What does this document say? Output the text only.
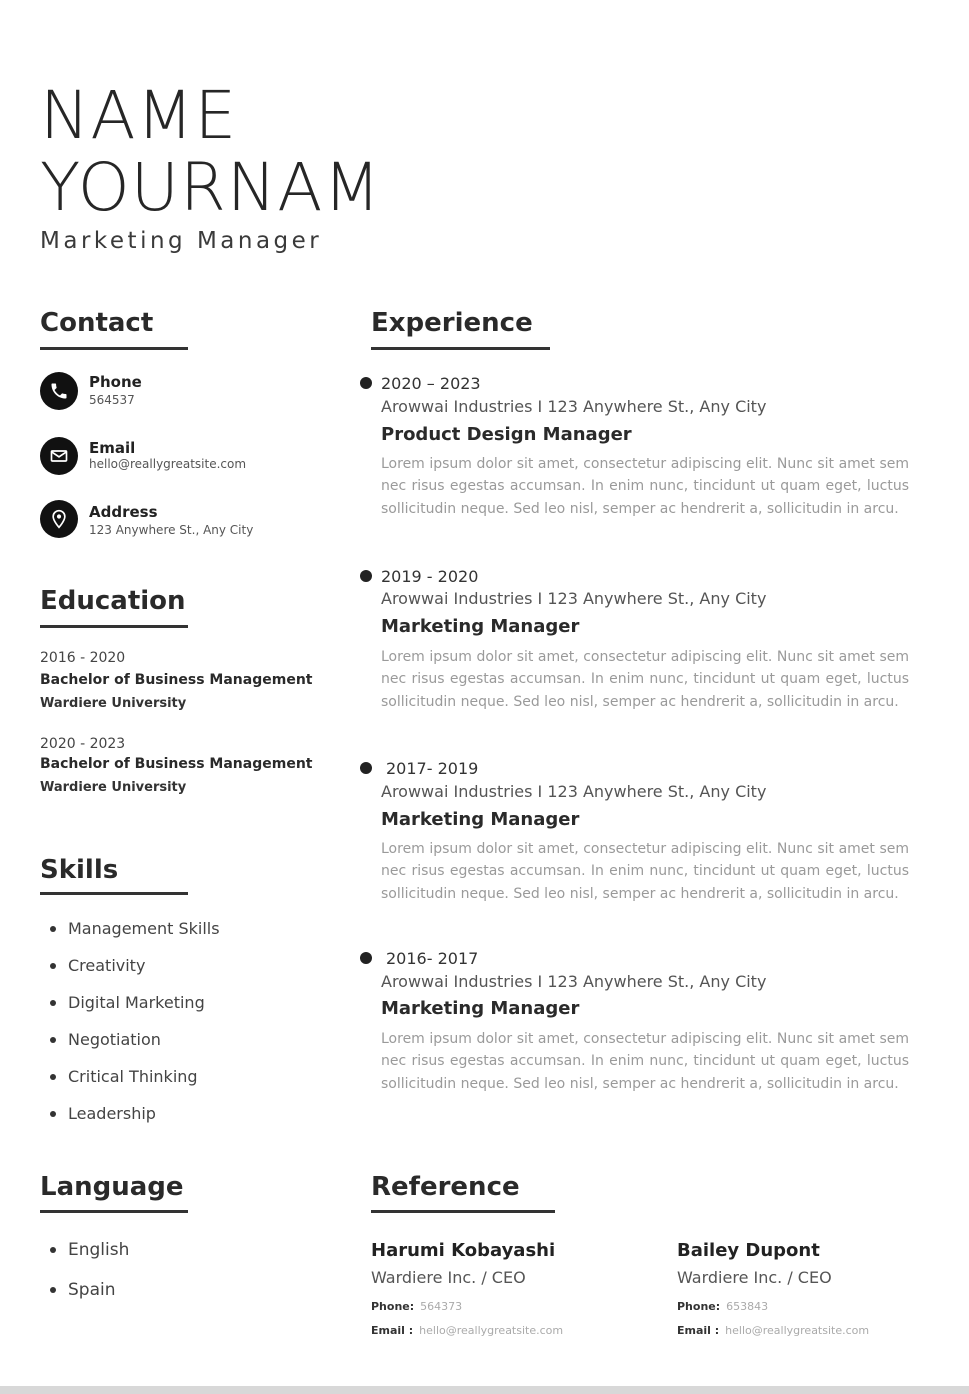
NAME
YOURNAM
Marketing Manager
Contact
Phone
564537
Email
hello@reallygreatsite.com
Address
123 Anywhere St., Any City
Education
2016 - 2020
Bachelor of Business Management
Wardiere University
2020 - 2023
Bachelor of Business Management
Wardiere University
Skills
Management Skills
Creativity
Digital Marketing
Negotiation
Critical Thinking
Leadership
Language
English
Spain
Experience
2020 – 2023
Arowwai Industries I 123 Anywhere St., Any City
Product Design Manager
Lorem ipsum dolor sit amet, consectetur adipiscing elit. Nunc sit amet sem nec risus egestas accumsan. In enim nunc, tincidunt ut quam eget, luctus sollicitudin neque. Sed leo nisl, semper ac hendrerit a, sollicitudin in arcu.
2019 - 2020
Arowwai Industries I 123 Anywhere St., Any City
Marketing Manager
Lorem ipsum dolor sit amet, consectetur adipiscing elit. Nunc sit amet sem nec risus egestas accumsan. In enim nunc, tincidunt ut quam eget, luctus sollicitudin neque. Sed leo nisl, semper ac hendrerit a, sollicitudin in arcu.
2017- 2019
Arowwai Industries I 123 Anywhere St., Any City
Marketing Manager
Lorem ipsum dolor sit amet, consectetur adipiscing elit. Nunc sit amet sem nec risus egestas accumsan. In enim nunc, tincidunt ut quam eget, luctus sollicitudin neque. Sed leo nisl, semper ac hendrerit a, sollicitudin in arcu.
2016- 2017
Arowwai Industries I 123 Anywhere St., Any City
Marketing Manager
Lorem ipsum dolor sit amet, consectetur adipiscing elit. Nunc sit amet sem nec risus egestas accumsan. In enim nunc, tincidunt ut quam eget, luctus sollicitudin neque. Sed leo nisl, semper ac hendrerit a, sollicitudin in arcu.
Reference
Harumi Kobayashi
Wardiere Inc. / CEO
Phone: 564373
Email : hello@reallygreatsite.com
Bailey Dupont
Wardiere Inc. / CEO
Phone: 653843
Email : hello@reallygreatsite.com
